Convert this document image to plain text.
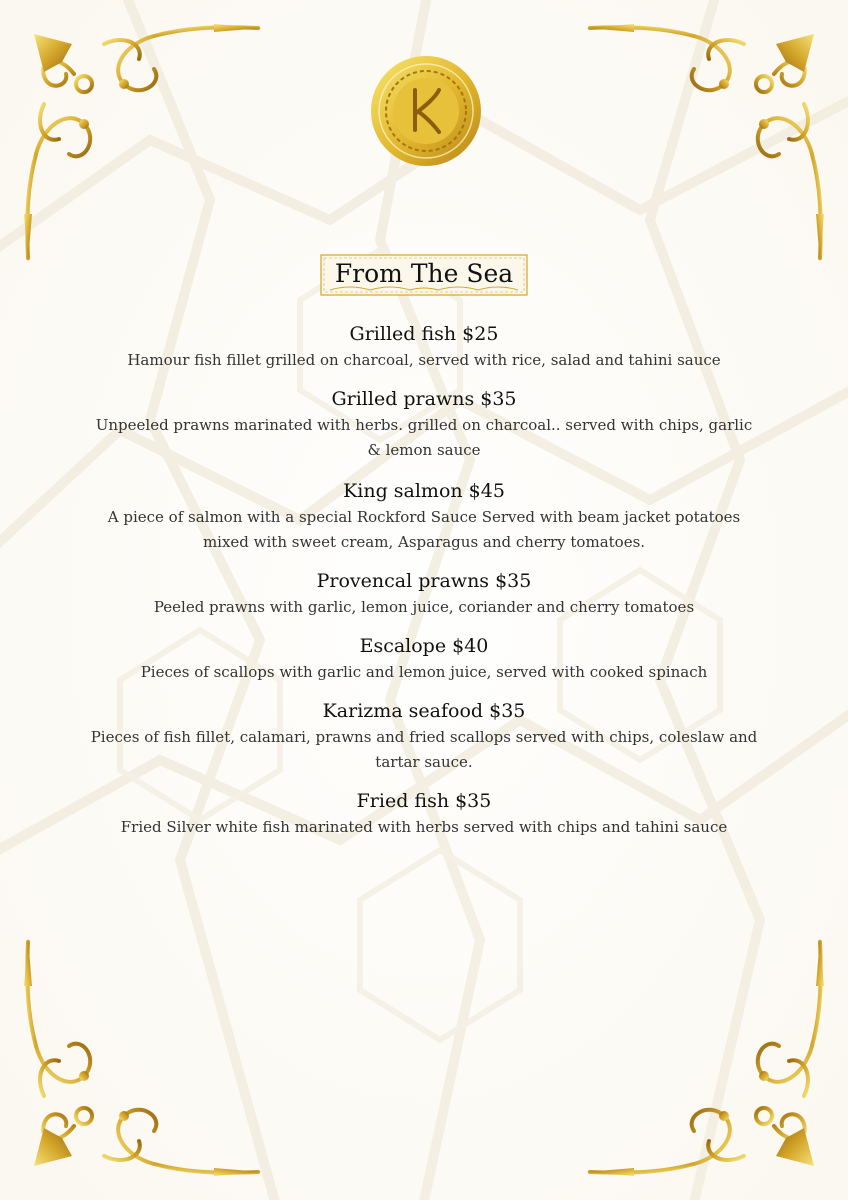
From The Sea

Grilled fish $25

Hamour fish fillet grilled on charcoal, served with rice, salad and tahini sauce

Grilled prawns $35

Unpeeled prawns marinated with herbs. grilled on charcoal.. served with chips, garlic & lemon sauce

King salmon $45

A piece of salmon with a special Rockford Sauce Served with beam jacket potatoes mixed with sweet cream, Asparagus and cherry tomatoes.

Provencal prawns $35

Peeled prawns with garlic, lemon juice, coriander and cherry tomatoes

Escalope $40

Pieces of scallops with garlic and lemon juice, served with cooked spinach

Karizma seafood $35

Pieces of fish fillet, calamari, prawns and fried scallops served with chips, coleslaw and tartar sauce.

Fried fish $35

Fried Silver white fish marinated with herbs served with chips and tahini sauce
